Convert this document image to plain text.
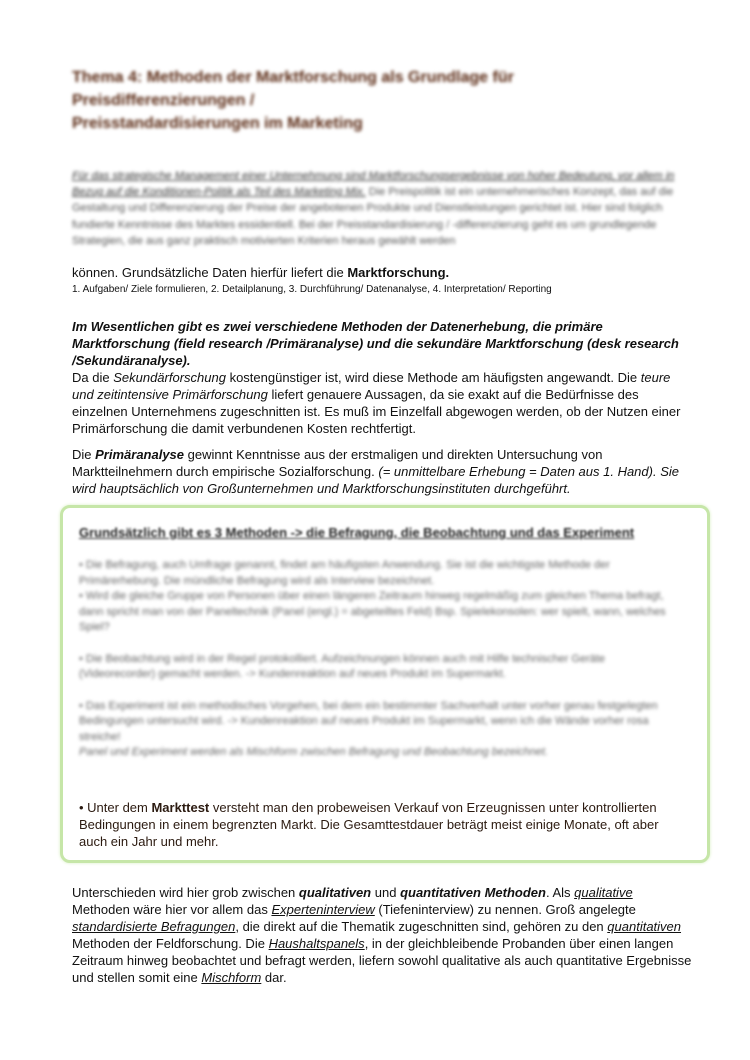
Thema 4: Methoden der Marktforschung als Grundlage für
Preisdifferenzierungen /
Preisstandardisierungen im Marketing
Für das strategische Management einer Unternehmung sind Marktforschungsergebnisse von hoher Bedeutung, vor allem in Bezug auf die Konditionen-Politik als Teil des Marketing Mix. Die Preispolitik ist ein unternehmerisches Konzept, das auf die Gestaltung und Differenzierung der Preise der angebotenen Produkte und Dienstleistungen gerichtet ist. Hier sind folglich fundierte Kenntnisse des Marktes essidentiell. Bei der Preisstandardisierung / -differenzierung geht es um grundlegende Strategien, die aus ganz praktisch motivierten Kriterien heraus gewählt werden
können. Grundsätzliche Daten hierfür liefert die Marktforschung.
1. Aufgaben/ Ziele formulieren, 2. Detailplanung, 3. Durchführung/ Datenanalyse, 4. Interpretation/ Reporting
Im Wesentlichen gibt es zwei verschiedene Methoden der Datenerhebung, die primäre Marktforschung (field research /Primäranalyse) und die sekundäre Marktforschung (desk research /Sekundäranalyse).
Da die Sekundärforschung kostengünstiger ist, wird diese Methode am häufigsten angewandt. Die teure und zeitintensive Primärforschung liefert genauere Aussagen, da sie exakt auf die Bedürfnisse des einzelnen Unternehmens zugeschnitten ist. Es muß im Einzelfall abgewogen werden, ob der Nutzen einer Primärforschung die damit verbundenen Kosten rechtfertigt.
Die Primäranalyse gewinnt Kenntnisse aus der erstmaligen und direkten Untersuchung von Marktteilnehmern durch empirische Sozialforschung. (= unmittelbare Erhebung = Daten aus 1. Hand). Sie wird hauptsächlich von Großunternehmen und Marktforschungsinstituten durchgeführt.
Grundsätzlich gibt es 3 Methoden -> die Befragung, die Beobachtung und das Experiment

• Die Befragung, auch Umfrage genannt, findet am häufigsten Anwendung. Sie ist die wichtigste Methode der Primärerhebung. Die mündliche Befragung wird als Interview bezeichnet.
• Wird die gleiche Gruppe von Personen über einen längeren Zeitraum hinweg regelmäßig zum gleichen Thema befragt, dann spricht man von der Paneltechnik (Panel (engl.) = abgeteiltes Feld) Bsp. Spielekonsolen: wer spielt, wann, welches Spiel?

• Die Beobachtung wird in der Regel protokolliert. Aufzeichnungen können auch mit Hilfe technischer Geräte (Videorecorder) gemacht werden. -> Kundenreaktion auf neues Produkt im Supermarkt.

• Das Experiment ist ein methodisches Vorgehen, bei dem ein bestimmter Sachverhalt unter vorher genau festgelegten Bedingungen untersucht wird. -> Kundenreaktion auf neues Produkt im Supermarkt, wenn ich die Wände vorher rosa streiche!
Panel und Experiment werden als Mischform zwischen Befragung und Beobachtung bezeichnet.

• Unter dem Markttest versteht man den probeweisen Verkauf von Erzeugnissen unter kontrollierten Bedingungen in einem begrenzten Markt. Die Gesamttestdauer beträgt meist einige Monate, oft aber auch ein Jahr und mehr.
Unterschieden wird hier grob zwischen qualitativen und quantitativen Methoden. Als qualitative Methoden wäre hier vor allem das Experteninterview (Tiefeninterview) zu nennen. Groß angelegte standardisierte Befragungen, die direkt auf die Thematik zugeschnitten sind, gehören zu den quantitativen Methoden der Feldforschung. Die Haushaltspanels, in der gleichbleibende Probanden über einen langen Zeitraum hinweg beobachtet und befragt werden, liefern sowohl qualitative als auch quantitative Ergebnisse und stellen somit eine Mischform dar.
